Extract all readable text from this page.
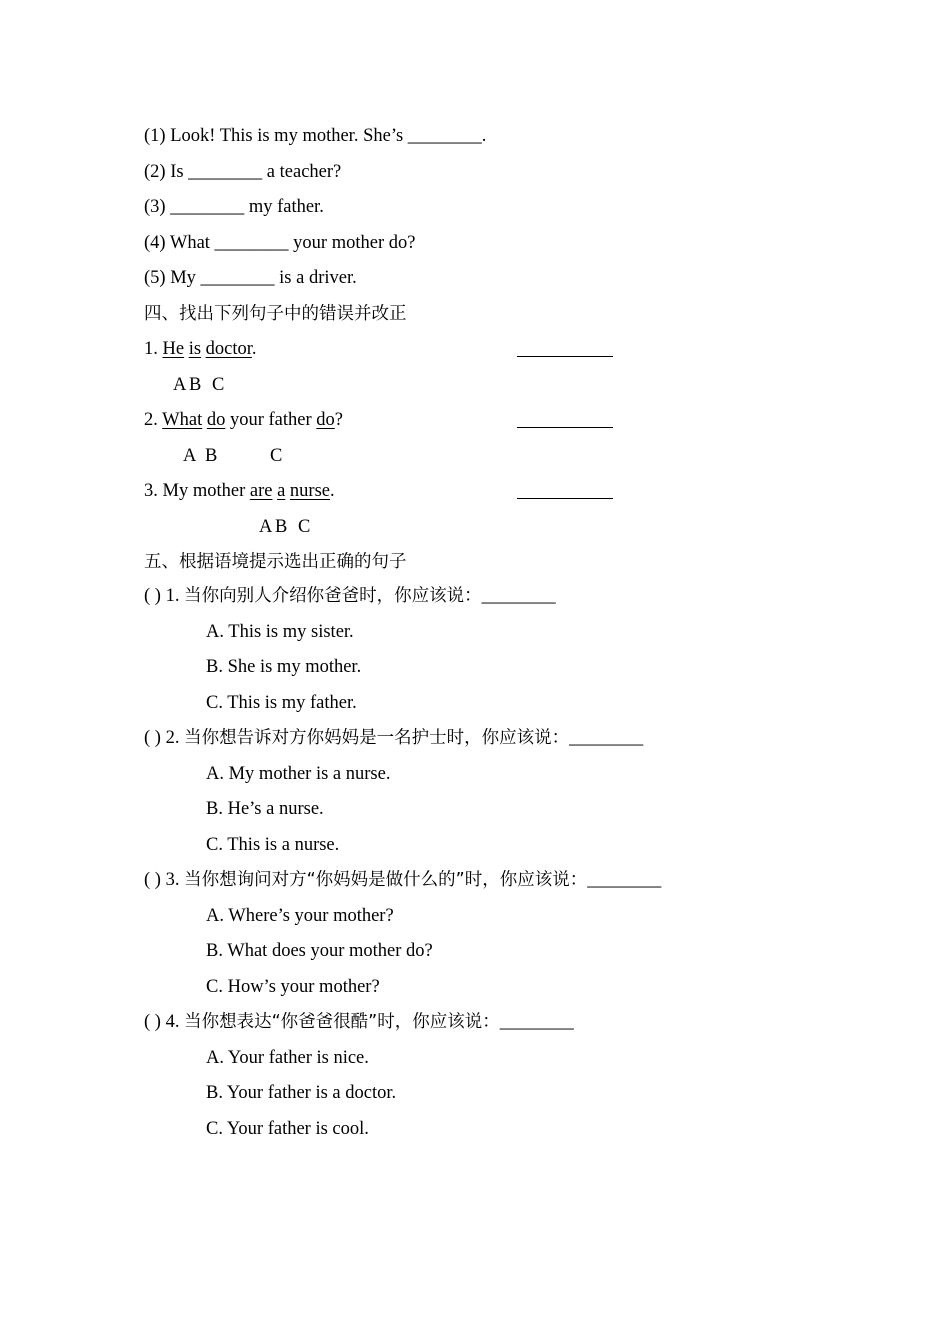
(1) Look! This is my mother. She’s ________.
(2) Is ________ a teacher?
(3) ________ my father.
(4) What ________ your mother do?
(5) My ________ is a driver.
四、找出下列句子中的错误并改正
1. He is doctor.
A B C
2. What do your father do?
A B	C
3. My mother are a nurse.
A B C
五、根据语境提示选出正确的句子
( ) 1. 当你向别人介绍你爸爸时，你应该说：________
A. This is my sister.
B. She is my mother.
C. This is my father.
( ) 2. 当你想告诉对方你妈妈是一名护士时，你应该说：________
A. My mother is a nurse.
B. He’s a nurse.
C. This is a nurse.
( ) 3. 当你想询问对方“你妈妈是做什么的”时，你应该说：________
A. Where’s your mother?
B. What does your mother do?
C. How’s your mother?
( ) 4. 当你想表达“你爸爸很酷”时，你应该说：________
A. Your father is nice.
B. Your father is a doctor.
C. Your father is cool.
